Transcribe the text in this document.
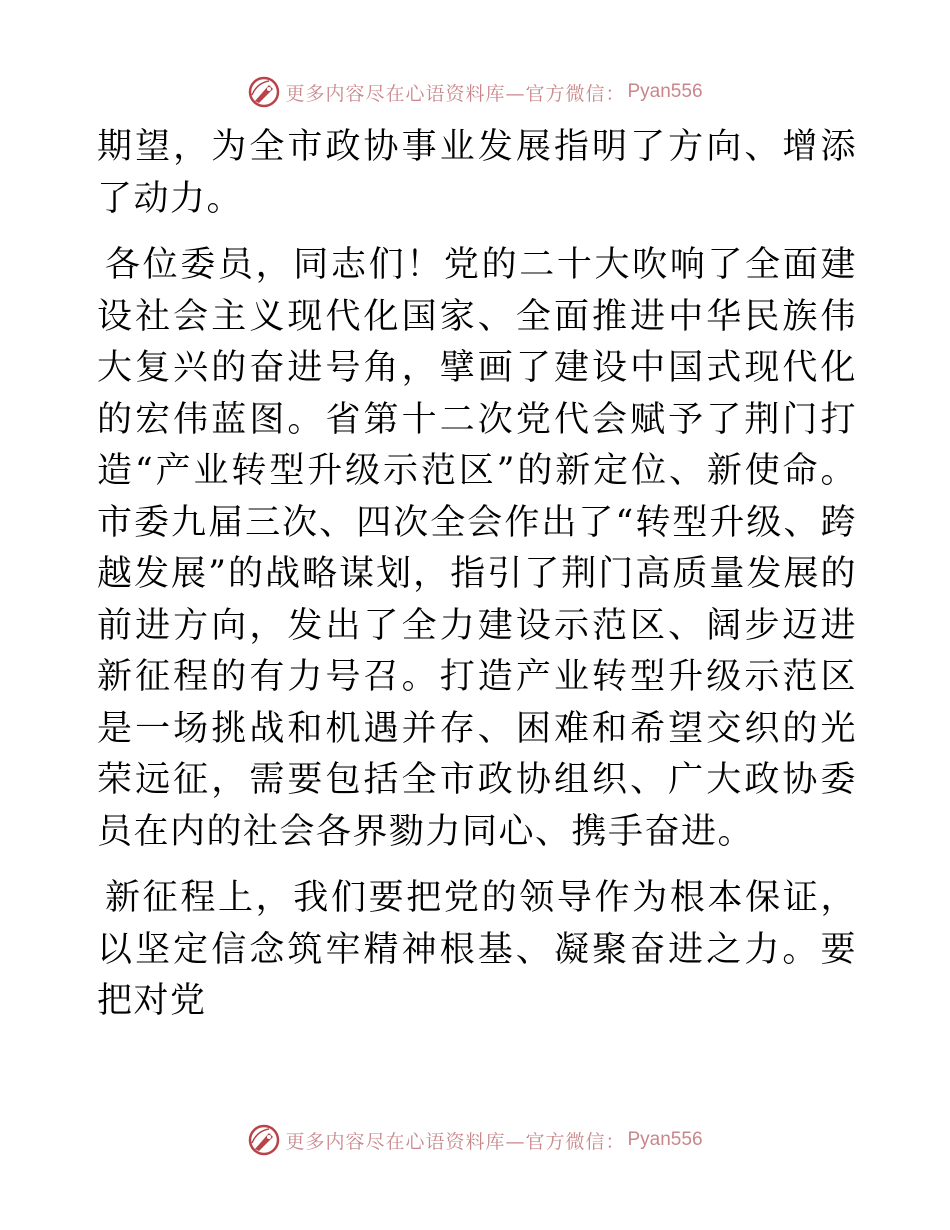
更多内容尽在心语资料库—官方微信： Pyan556

期望，为全市政协事业发展指明了方向、增添了动力。

各位委员，同志们！党的二十大吹响了全面建设社会主义现代化国家、全面推进中华民族伟大复兴的奋进号角，擘画了建设中国式现代化的宏伟蓝图。省第十二次党代会赋予了荆门打造“产业转型升级示范区”的新定位、新使命。市委九届三次、四次全会作出了“转型升级、跨越发展”的战略谋划，指引了荆门高质量发展的前进方向，发出了全力建设示范区、阔步迈进新征程的有力号召。打造产业转型升级示范区是一场挑战和机遇并存、困难和希望交织的光荣远征，需要包括全市政协组织、广大政协委员在内的社会各界勠力同心、携手奋进。

新征程上，我们要把党的领导作为根本保证，以坚定信念筑牢精神根基、凝聚奋进之力。要把对党

更多内容尽在心语资料库—官方微信： Pyan556
